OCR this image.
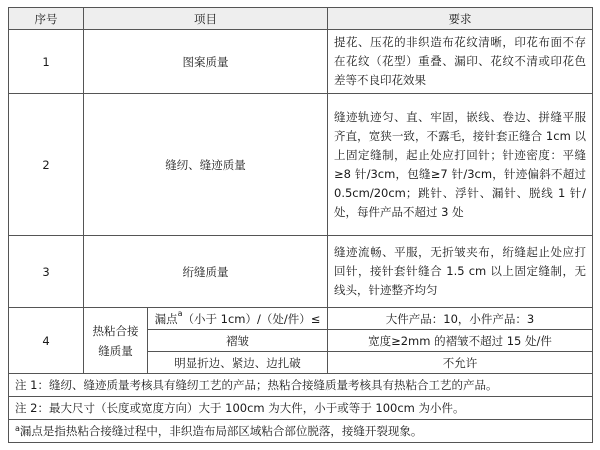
序号	项目		要求
1	图案质量		提花、压花的非织造布花纹清晰，印花布面不存在花纹（花型）重叠、漏印、花纹不清或印花色差等不良印花效果
2	缝纫、缝迹质量		缝迹轨迹匀、直、牢固，嵌线、卷边、拼缝平服齐直，宽狭一致，不露毛，接针套正缝合 1cm 以上固定缝制，起止处应打回针；针迹密度：平缝≥8 针/3cm，包缝≥7 针/3cm，针迹偏斜不超过 0.5cm/20cm；跳针、浮针、漏针、脱线 1 针/处，每件产品不超过 3 处
3	绗缝质量		缝迹流畅、平服，无折皱夹布，绗缝起止处应打回针，接针套针缝合 1.5 cm 以上固定缝制，无线头，针迹整齐均匀
4	热粘合接缝质量	漏点$^a$（小于 1cm）/（处/件）≤	大件产品：10，小件产品：3
		褶皱	宽度≥2mm 的褶皱不超过 15 处/件
		明显折边、紧边、边扎破	不允许
注 1：缝纫、缝迹质量考核具有缝纫工艺的产品；热粘合接缝质量考核具有热粘合工艺的产品。			
注 2：最大尺寸（长度或宽度方向）大于 100cm 为大件，小于或等于 100cm 为小件。			
$^a$漏点是指热粘合接缝过程中，非织造布局部区域粘合部位脱落，接缝开裂现象。			
